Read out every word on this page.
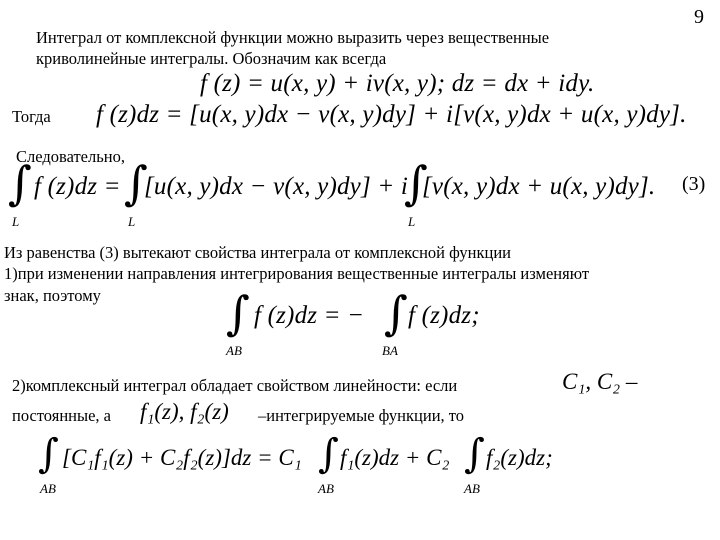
9
Интеграл от комплексной функции можно выразить через вещественные
криволинейные интегралы. Обозначим как всегда
f (z) = u(x, y) + iv(x, y); dz = dx + idy.
Тогда f (z)dz = [u(x, y)dx − v(x, y)dy] + i[v(x, y)dx + u(x, y)dy].
Следовательно,
∫
L
f (z)dz = ∫
L
[u(x, y)dx − v(x, y)dy] + i
∫
L
[v(x, y)dx + u(x, y)dy]. (3)
Из равенства (3) вытекают свойства интеграла от комплексной функции
1)при изменении направления интегрирования вещественные интегралы изменяют
знак, поэтому	∫
AB
f (z)dz = − ∫
BA
f (z)dz;
2)комплексный интеграл обладает свойством линейности: если	C₁, C₂ –
постоянные, а f₁(z), f₂(z) –интегрируемые функции, то
∫
AB
[C₁f₁(z) + C₂f₂(z)]dz = C₁ ∫
AB
f₁(z)dz + C₂ ∫
AB
f₂(z)dz;
